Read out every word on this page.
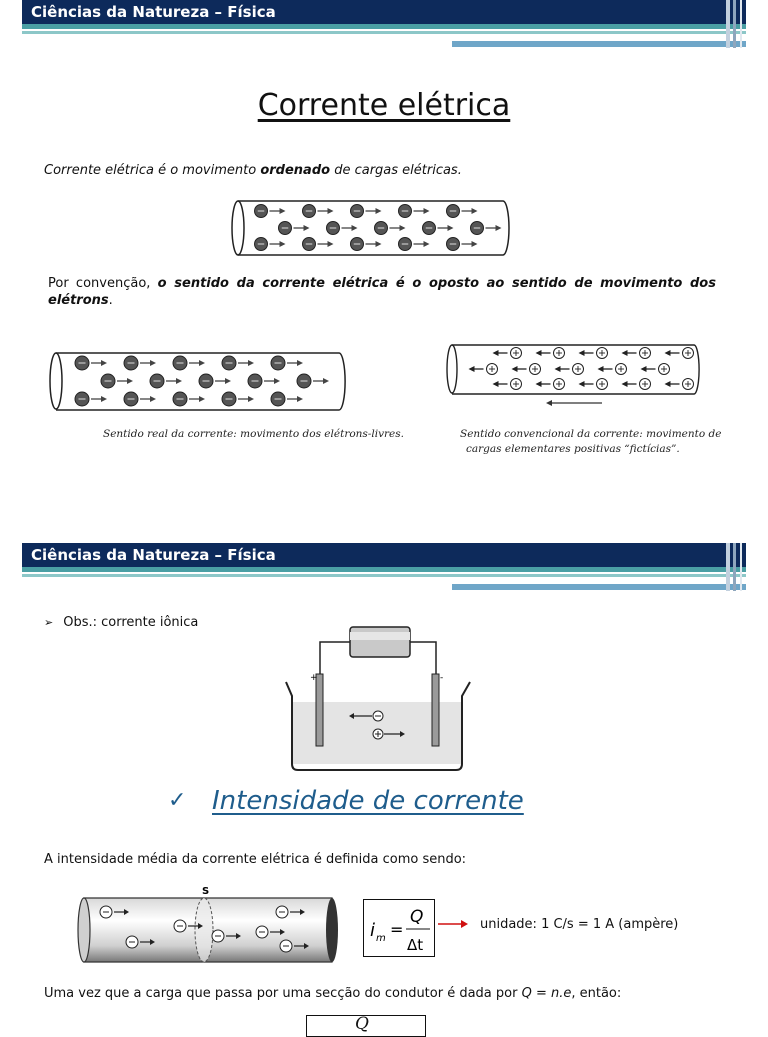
Ciências da Natureza – Física
Corrente elétrica
Corrente elétrica é o movimento ordenado de cargas elétricas.
Por convenção, o sentido da corrente elétrica é o oposto ao sentido de movimento dos elétrons.
Sentido real da corrente: movimento dos elétrons-livres.	Sentido convencional da corrente: movimento de
cargas elementares positivas “fictícias”.
Ciências da Natureza – Física
➢ Obs.: corrente iônica
+	-
✓ Intensidade de corrente
A intensidade média da corrente elétrica é definida como sendo:
S
i m =
Q
Δt
unidade: 1 C/s = 1 A (ampère)
Uma vez que a carga que passa por uma secção do condutor é dada por Q = n.e, então:
Q
